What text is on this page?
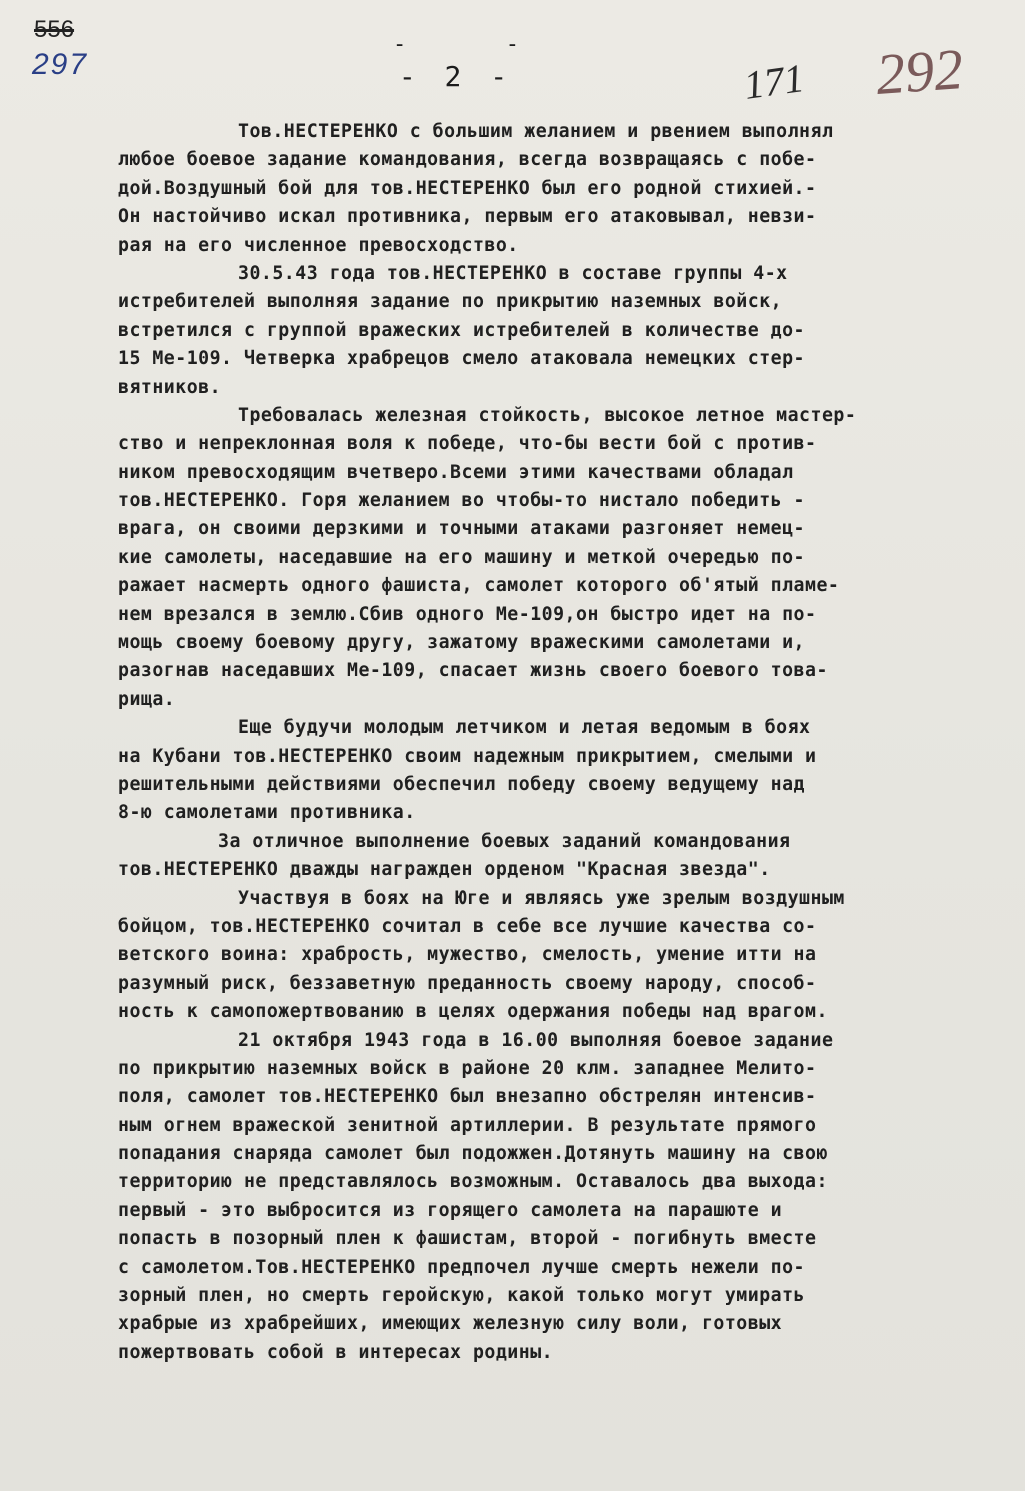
556
297
-	-
- 2 -	171 292
Тов.НЕСТЕРЕНКО с большим желанием и рвением выполнял
любое боевое задание командования, всегда возвращаясь с побе-
дой.Воздушный бой для тов.НЕСТЕРЕНКО был его родной стихией.-
Он настойчиво искал противника, первым его атаковывал, невзи-
рая на его численное превосходство.
30.5.43 года тов.НЕСТЕРЕНКО в составе группы 4-х
истребителей выполняя задание по прикрытию наземных войск,
встретился с группой вражеских истребителей в количестве до-
15 Ме-109. Четверка храбрецов смело атаковала немецких стер-
вятников.
Требовалась железная стойкость, высокое летное мастер-
ство и непреклонная воля к победе, что-бы вести бой с против-
ником превосходящим вчетверо.Всеми этими качествами обладал
тов.НЕСТЕРЕНКО. Горя желанием во чтобы-то нистало победить -
врага, он своими дерзкими и точными атаками разгоняет немец-
кие самолеты, наседавшие на его машину и меткой очередью по-
ражает насмерть одного фашиста, самолет которого об'ятый пламе-
нем врезался в землю.Сбив одного Ме-109,он быстро идет на по-
мощь своему боевому другу, зажатому вражескими самолетами и,
разогнав наседавших Ме-109, спасает жизнь своего боевого това-
рища.
Еще будучи молодым летчиком и летая ведомым в боях
на Кубани тов.НЕСТЕРЕНКО своим надежным прикрытием, смелыми и
решительными действиями обеспечил победу своему ведущему над
8-ю самолетами противника.
За отличное выполнение боевых заданий командования
тов.НЕСТЕРЕНКО дважды награжден орденом "Красная звезда".
Участвуя в боях на Юге и являясь уже зрелым воздушным
бойцом, тов.НЕСТЕРЕНКО сочитал в себе все лучшие качества со-
ветского воина: храбрость, мужество, смелость, умение итти на
разумный риск, беззаветную преданность своему народу, способ-
ность к самопожертвованию в целях одержания победы над врагом.
21 октября 1943 года в 16.00 выполняя боевое задание
по прикрытию наземных войск в районе 20 клм. западнее Мелито-
поля, самолет тов.НЕСТЕРЕНКО был внезапно обстрелян интенсив-
ным огнем вражеской зенитной артиллерии. В результате прямого
попадания снаряда самолет был подожжен.Дотянуть машину на свою
территорию не представлялось возможным. Оставалось два выхода:
первый - это выбросится из горящего самолета на парашюте и
попасть в позорный плен к фашистам, второй - погибнуть вместе
с самолетом.Тов.НЕСТЕРЕНКО предпочел лучше смерть нежели по-
зорный плен, но смерть геройскую, какой только могут умирать
храбрые из храбрейших, имеющих железную силу воли, готовых
пожертвовать собой в интересах родины.
